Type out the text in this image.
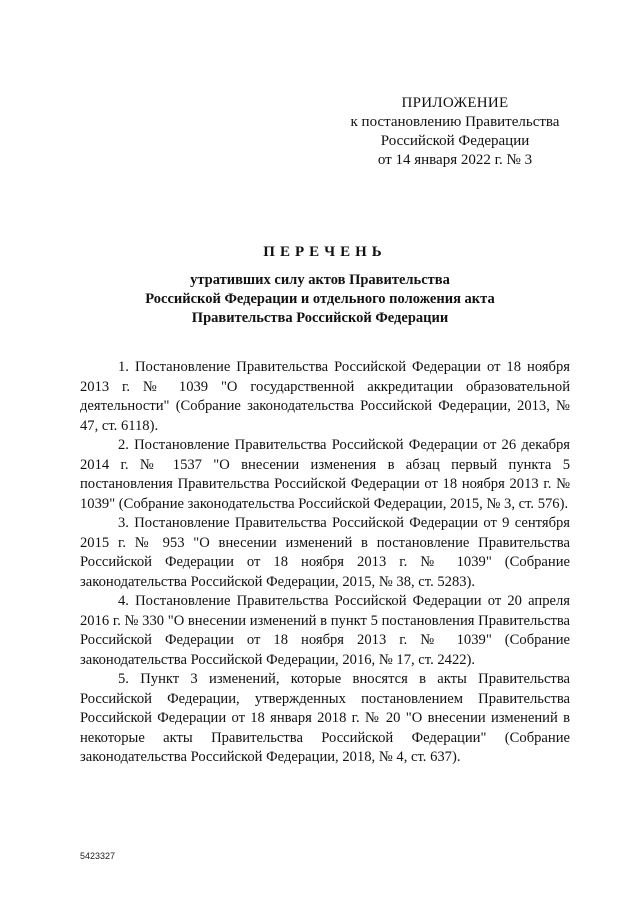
ПРИЛОЖЕНИЕ
к постановлению Правительства
Российской Федерации
от 14 января 2022 г. № 3
ПЕРЕЧЕНЬ
утративших силу актов Правительства
Российской Федерации и отдельного положения акта
Правительства Российской Федерации

1. Постановление Правительства Российской Федерации от 18 ноября 2013 г. № 1039 "О государственной аккредитации образовательной деятельности" (Собрание законодательства Российской Федерации, 2013, № 47, ст. 6118).

2. Постановление Правительства Российской Федерации от 26 декабря 2014 г. № 1537 "О внесении изменения в абзац первый пункта 5 постановления Правительства Российской Федерации от 18 ноября 2013 г. № 1039" (Собрание законодательства Российской Федерации, 2015, № 3, ст. 576).

3. Постановление Правительства Российской Федерации от 9 сентября 2015 г. № 953 "О внесении изменений в постановление Правительства Российской Федерации от 18 ноября 2013 г. № 1039" (Собрание законодательства Российской Федерации, 2015, № 38, ст. 5283).

4. Постановление Правительства Российской Федерации от 20 апреля 2016 г. № 330 "О внесении изменений в пункт 5 постановления Правительства Российской Федерации от 18 ноября 2013 г. № 1039" (Собрание законодательства Российской Федерации, 2016, № 17, ст. 2422).

5. Пункт 3 изменений, которые вносятся в акты Правительства Российской Федерации, утвержденных постановлением Правительства Российской Федерации от 18 января 2018 г. № 20 "О внесении изменений в некоторые акты Правительства Российской Федерации" (Собрание законодательства Российской Федерации, 2018, № 4, ст. 637).

5423327
